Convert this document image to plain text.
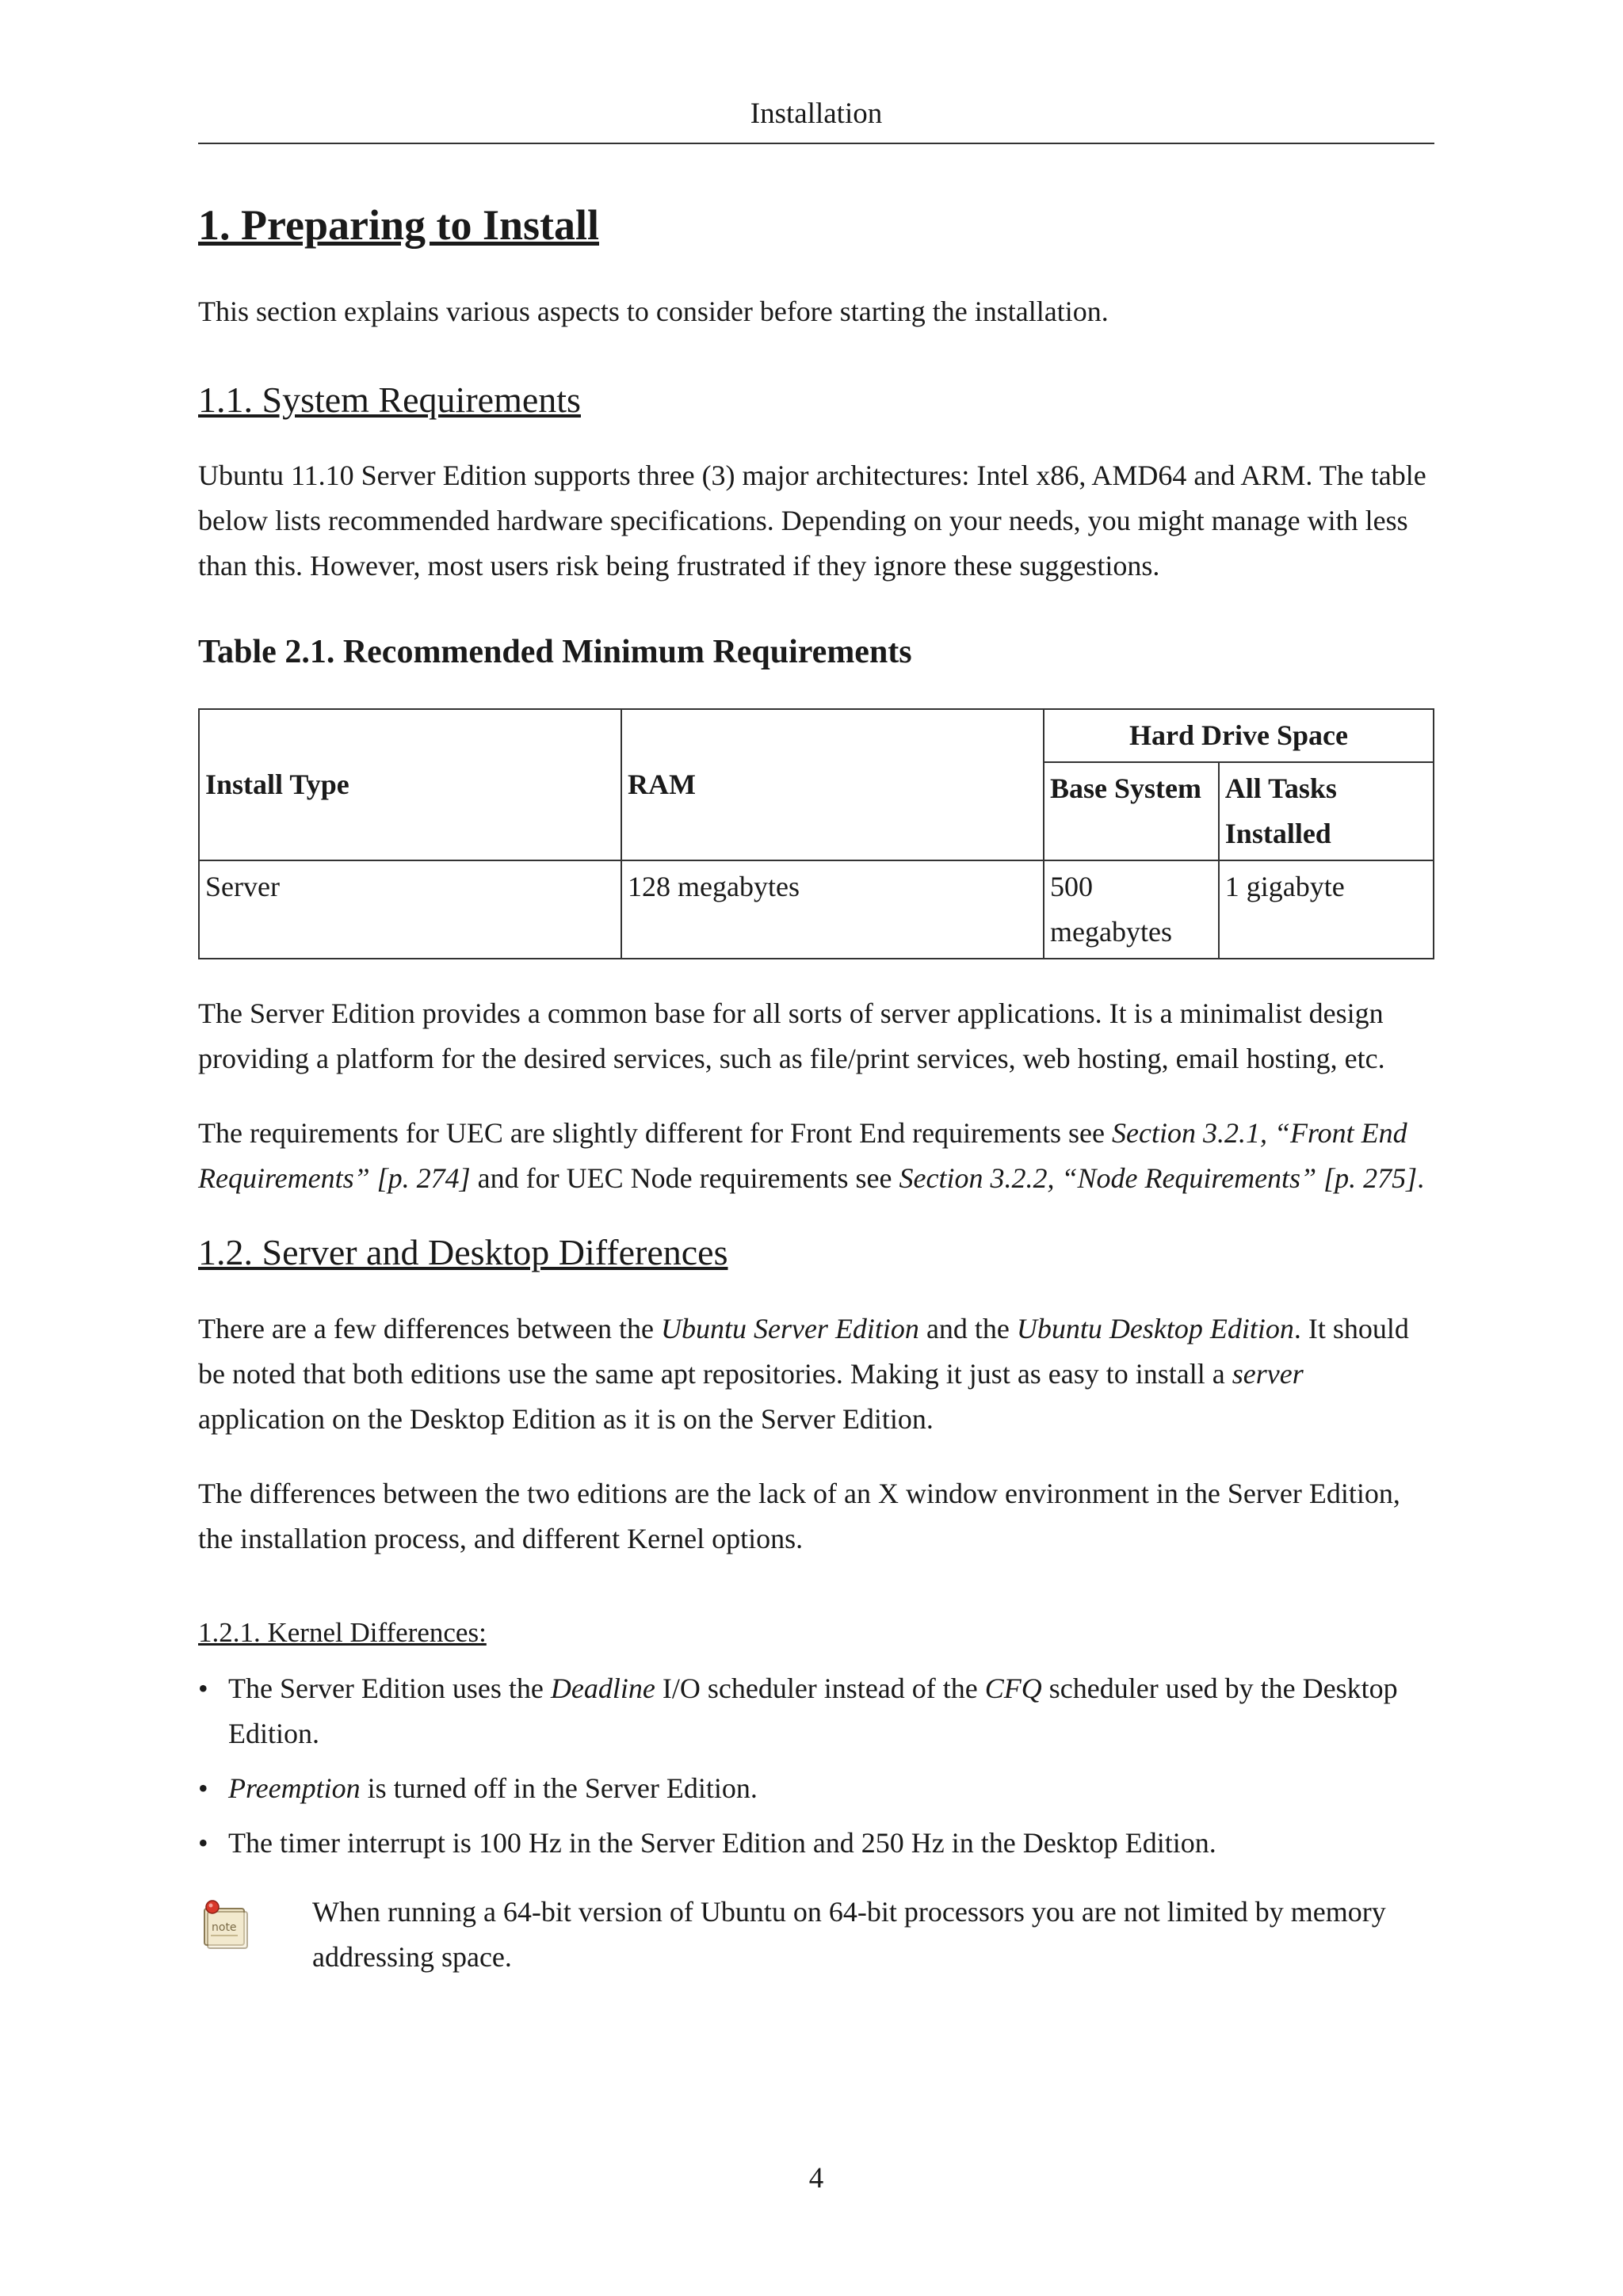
Installation
1. Preparing to Install

This section explains various aspects to consider before starting the installation.

1.1. System Requirements

Ubuntu 11.10 Server Edition supports three (3) major architectures: Intel x86, AMD64 and ARM. The table below lists recommended hardware specifications. Depending on your needs, you might manage with less than this. However, most users risk being frustrated if they ignore these suggestions.

Table 2.1. Recommended Minimum Requirements
Install Type	RAM	Hard Drive Space	
		Base System	All Tasks Installed
Server	128 megabytes	500 megabytes	1 gigabyte

The Server Edition provides a common base for all sorts of server applications. It is a minimalist design providing a platform for the desired services, such as file/print services, web hosting, email hosting, etc.

The requirements for UEC are slightly different for Front End requirements see Section 3.2.1, “Front End Requirements” [p. 274] and for UEC Node requirements see Section 3.2.2, “Node Requirements” [p. 275].

1.2. Server and Desktop Differences

There are a few differences between the Ubuntu Server Edition and the Ubuntu Desktop Edition. It should be noted that both editions use the same apt repositories. Making it just as easy to install a server application on the Desktop Edition as it is on the Server Edition.

The differences between the two editions are the lack of an X window environment in the Server Edition, the installation process, and different Kernel options.

1.2.1. Kernel Differences:
• The Server Edition uses the Deadline I/O scheduler instead of the CFQ scheduler used by the Desktop Edition.
• Preemption is turned off in the Server Edition.
• The timer interrupt is 100 Hz in the Server Edition and 250 Hz in the Desktop Edition.
note	When running a 64-bit version of Ubuntu on 64-bit processors you are not limited by memory addressing space.
4
